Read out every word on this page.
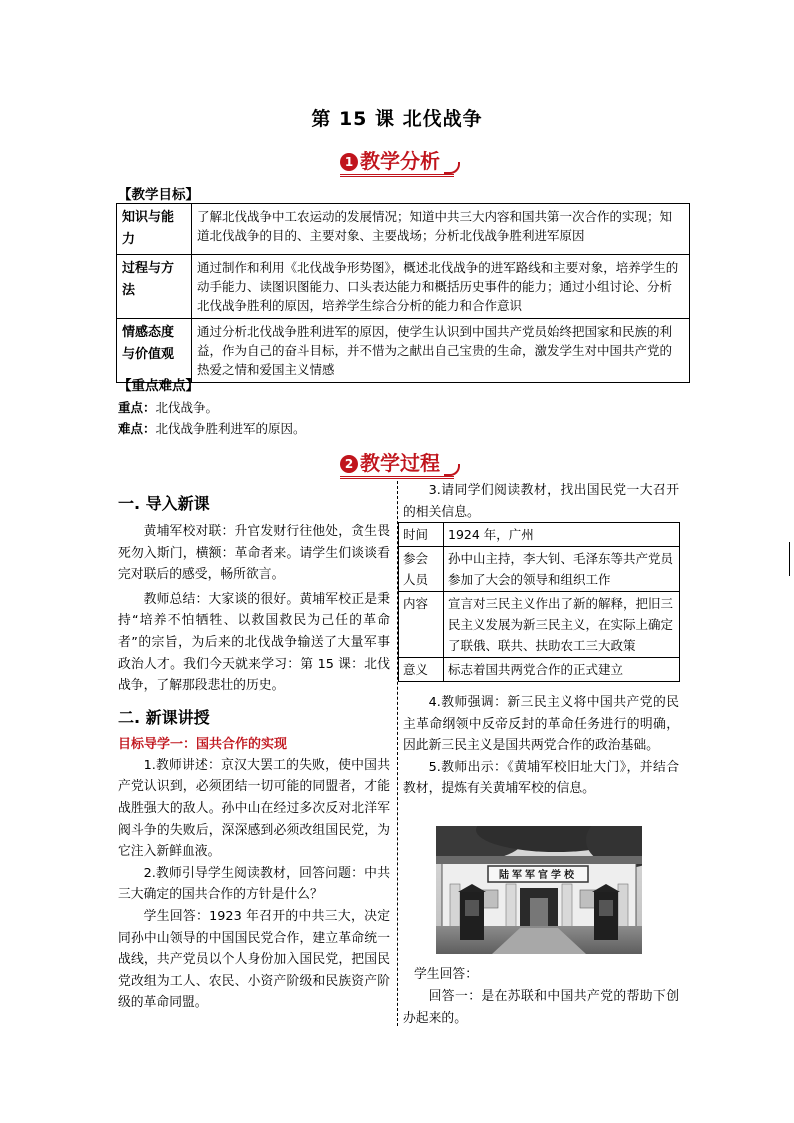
第 15 课 北伐战争
1 教学分析
【教学目标】
知识与能力	了解北伐战争中工农运动的发展情况；知道中共三大内容和国共第一次合作的实现；知道北伐战争的目的、主要对象、主要战场；分析北伐战争胜利进军原因
过程与方法	通过制作和利用《北伐战争形势图》，概述北伐战争的进军路线和主要对象，培养学生的动手能力、读图识图能力、口头表达能力和概括历史事件的能力；通过小组讨论、分析北伐战争胜利的原因，培养学生综合分析的能力和合作意识
情感态度与价值观	通过分析北伐战争胜利进军的原因，使学生认识到中国共产党员始终把国家和民族的利益，作为自己的奋斗目标，并不惜为之献出自己宝贵的生命，激发学生对中国共产党的热爱之情和爱国主义情感
【重点难点】
重点：北伐战争。
难点：北伐战争胜利进军的原因。
2 教学过程
一. 导入新课

黄埔军校对联：升官发财行往他处，贪生畏死勿入斯门，横额：革命者来。请学生们谈谈看完对联后的感受，畅所欲言。

教师总结：大家谈的很好。黄埔军校正是秉持“培养不怕牺牲、以救国救民为己任的革命者”的宗旨，为后来的北伐战争输送了大量军事政治人才。我们今天就来学习：第 15 课：北伐战争，了解那段悲壮的历史。

二. 新课讲授
目标导学一：国共合作的实现

1.教师讲述：京汉大罢工的失败，使中国共产党认识到，必须团结一切可能的同盟者，才能战胜强大的敌人。孙中山在经过多次反对北洋军阀斗争的失败后，深深感到必须改组国民党，为它注入新鲜血液。

2.教师引导学生阅读教材，回答问题：中共三大确定的国共合作的方针是什么？

学生回答：1923 年召开的中共三大，决定同孙中山领导的中国国民党合作，建立革命统一战线，共产党员以个人身份加入国民党，把国民党改组为工人、农民、小资产阶级和民族资产阶级的革命同盟。

3.请同学们阅读教材，找出国民党一大召开的相关信息。

时间	1924 年，广州
参会人员	孙中山主持，李大钊、毛泽东等共产党员参加了大会的领导和组织工作
内容	宣言对三民主义作出了新的解释，把旧三民主义发展为新三民主义，在实际上确定了联俄、联共、扶助农工三大政策
意义	标志着国共两党合作的正式建立

4.教师强调：新三民主义将中国共产党的民主革命纲领中反帝反封的革命任务进行的明确，因此新三民主义是国共两党合作的政治基础。

5.教师出示：《黄埔军校旧址大门》，并结合教材，提炼有关黄埔军校的信息。

陆军军官学校

学生回答：

回答一：是在苏联和中国共产党的帮助下创办起来的。
